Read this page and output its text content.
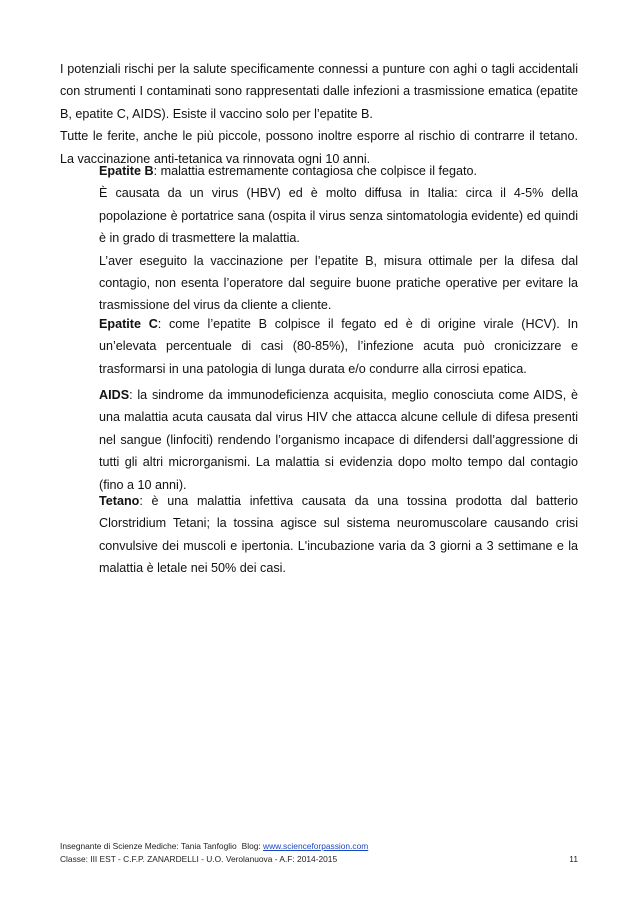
I potenziali rischi per la salute specificamente connessi a punture con aghi o tagli accidentali con strumenti I contaminati sono rappresentati dalle infezioni a trasmissione ematica (epatite B, epatite C, AIDS). Esiste il vaccino solo per l’epatite B.

Tutte le ferite, anche le più piccole, possono inoltre esporre al rischio di contrarre il tetano. La vaccinazione anti-tetanica va rinnovata ogni 10 anni.

Epatite B: malattia estremamente contagiosa che colpisce il fegato.

È causata da un virus (HBV) ed è molto diffusa in Italia: circa il 4-5% della popolazione è portatrice sana (ospita il virus senza sintomatologia evidente) ed quindi è in grado di trasmettere la malattia.

L’aver eseguito la vaccinazione per l’epatite B, misura ottimale per la difesa dal contagio, non esenta l’operatore dal seguire buone pratiche operative per evitare la trasmissione del virus da cliente a cliente.

Epatite C: come l’epatite B colpisce il fegato ed è di origine virale (HCV). In un’elevata percentuale di casi (80-85%), l’infezione acuta può cronicizzare e trasformarsi in una patologia di lunga durata e/o condurre alla cirrosi epatica.

AIDS: la sindrome da immunodeficienza acquisita, meglio conosciuta come AIDS, è una malattia acuta causata dal virus HIV che attacca alcune cellule di difesa presenti nel sangue (linfociti) rendendo l’organismo incapace di difendersi dall’aggressione di tutti gli altri microrganismi. La malattia si evidenzia dopo molto tempo dal contagio (fino a 10 anni).

Tetano: è una malattia infettiva causata da una tossina prodotta dal batterio Clorstridium Tetani; la tossina agisce sul sistema neuromuscolare causando crisi convulsive dei muscoli e ipertonia. L'incubazione varia da 3 giorni a 3 settimane e la malattia è letale nei 50% dei casi.

Insegnante di Scienze Mediche: Tania Tanfoglio Blog:
www.scienceforpassion.com
Classe: III EST - C.F.P. ZANARDELLI - U.O. Verolanuova - A.F: 2014-2015	11
